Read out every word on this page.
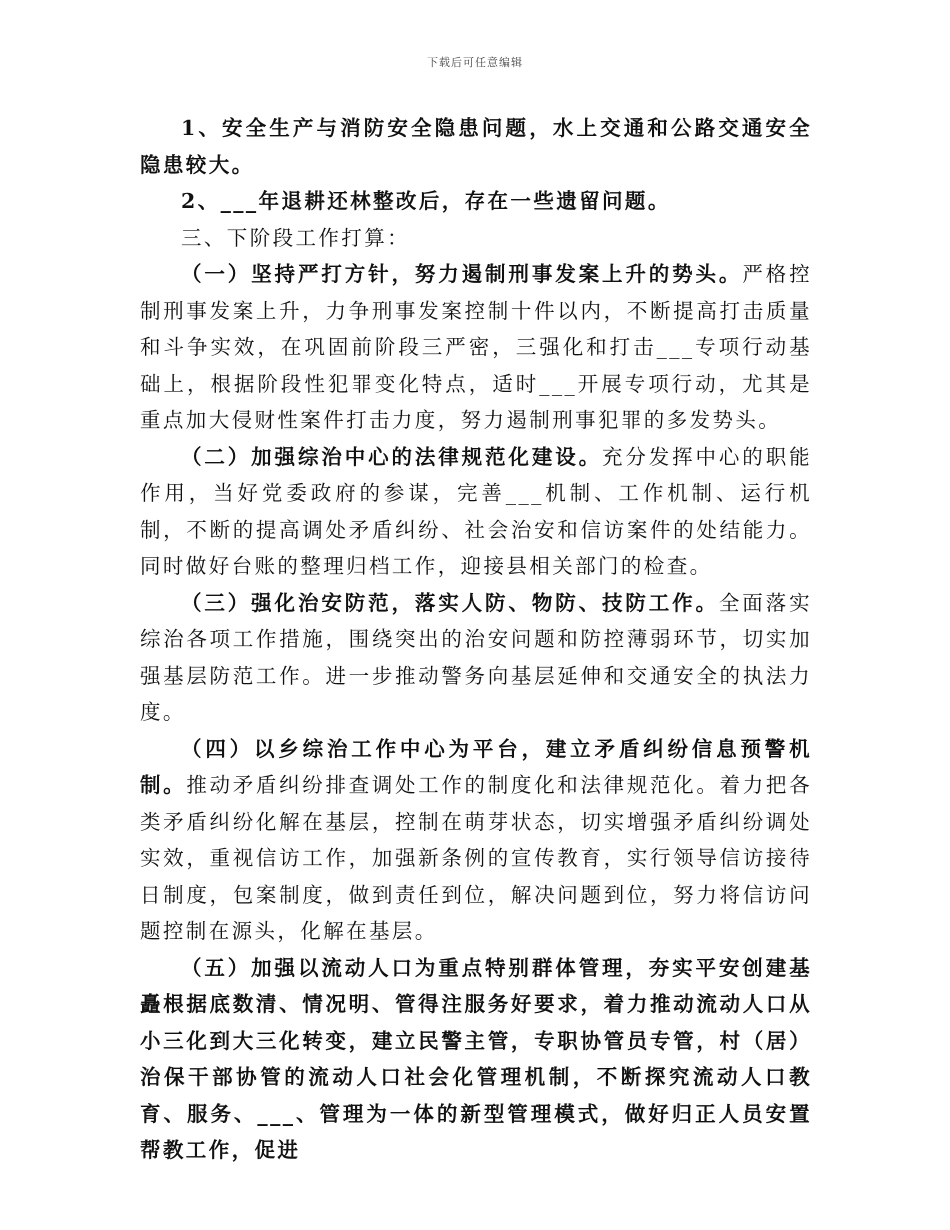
下载后可任意编辑

1、安全生产与消防安全隐患问题，水上交通和公路交通安全隐患较大。

2、___年退耕还林整改后，存在一些遗留问题。

三、下阶段工作打算：

（一）坚持严打方针，努力遏制刑事发案上升的势头。严格控制刑事发案上升，力争刑事发案控制十件以内，不断提高打击质量和斗争实效，在巩固前阶段三严密，三强化和打击___专项行动基础上，根据阶段性犯罪变化特点，适时___开展专项行动，尤其是重点加大侵财性案件打击力度，努力遏制刑事犯罪的多发势头。

（二）加强综治中心的法律规范化建设。充分发挥中心的职能作用，当好党委政府的参谋，完善___机制、工作机制、运行机制，不断的提高调处矛盾纠纷、社会治安和信访案件的处结能力。同时做好台账的整理归档工作，迎接县相关部门的检查。

（三）强化治安防范，落实人防、物防、技防工作。全面落实综治各项工作措施，围绕突出的治安问题和防控薄弱环节，切实加强基层防范工作。进一步推动警务向基层延伸和交通安全的执法力度。

（四）以乡综治工作中心为平台，建立矛盾纠纷信息预警机制。推动矛盾纠纷排查调处工作的制度化和法律规范化。着力把各类矛盾纠纷化解在基层，控制在萌芽状态，切实增强矛盾纠纷调处实效，重视信访工作，加强新条例的宣传教育，实行领导信访接待日制度，包案制度，做到责任到位，解决问题到位，努力将信访问题控制在源头，化解在基层。

（五）加强以流动人口为重点特别群体管理，夯实平安创建基矗根据底数清、情况明、管得注服务好要求，着力推动流动人口从小三化到大三化转变，建立民警主管，专职协管员专管，村（居）治保干部协管的流动人口社会化管理机制，不断探究流动人口教育、服务、___、管理为一体的新型管理模式，做好归正人员安置帮教工作，促进
